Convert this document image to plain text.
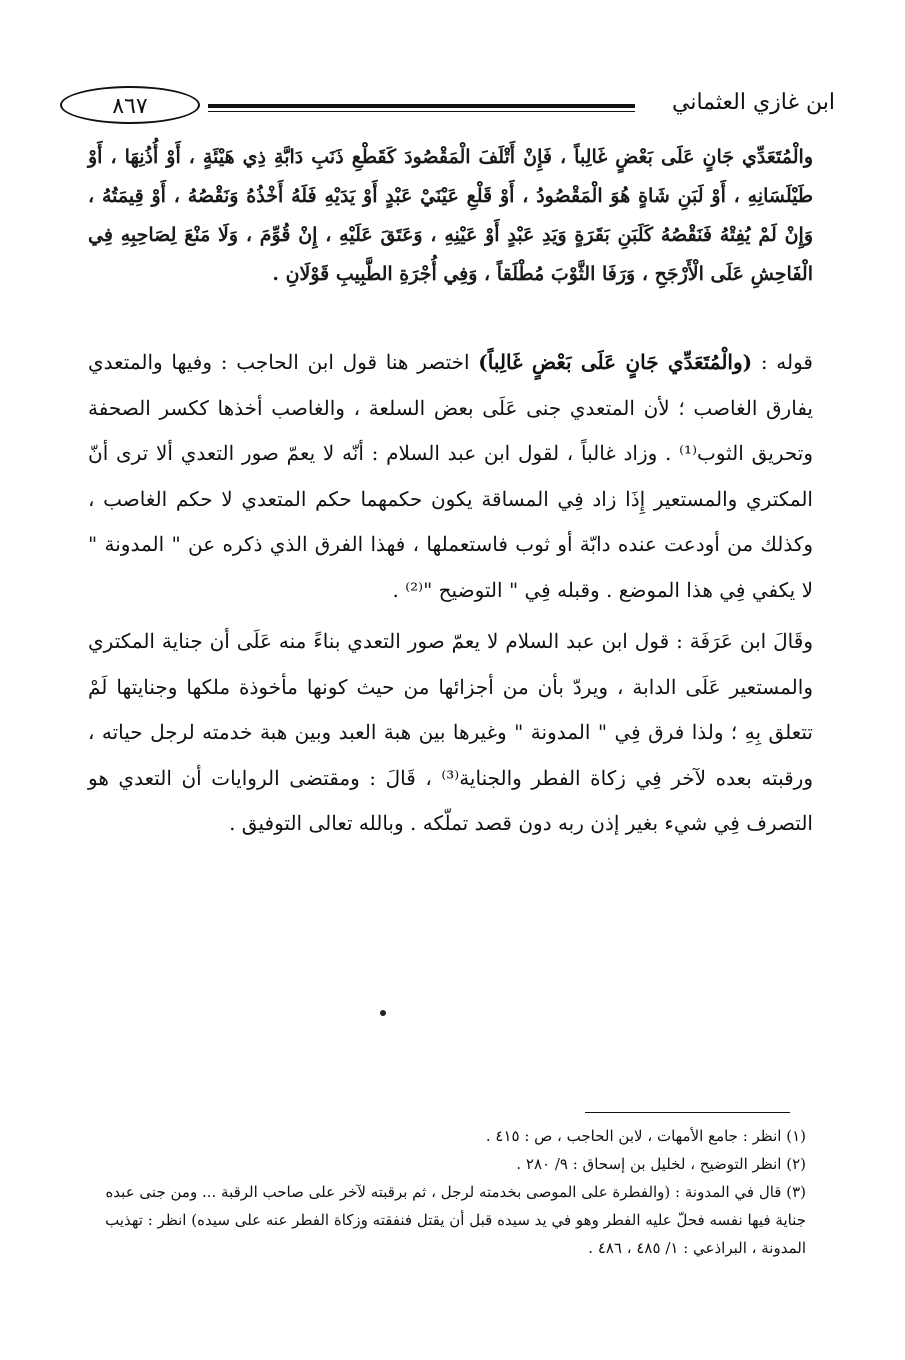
ابن غازي العثماني
٨٦٧

والْمُتَعَدِّي جَانٍ عَلَى بَعْضٍ غَالِباً ، فَإِنْ أَتْلَفَ الْمَقْصُودَ كَقَطْعِ ذَنَبِ دَابَّةِ ذِي هَيْئَةٍ ، أَوْ أُذُنِهَا ، أَوْ طَيْلَسَانِهِ ، أَوْ لَبَنِ شَاةٍ هُوَ الْمَقْصُودُ ، أَوْ قَلْعِ عَيْنَيْ عَبْدٍ أَوْ يَدَيْهِ فَلَهُ أَخْذُهُ وَنَقْصُهُ ، أَوْ قِيمَتُهُ ، وَإِنْ لَمْ يُفِتْهُ فَنَقْصُهُ كَلَبَنِ بَقَرَةٍ وَيَدِ عَبْدٍ أَوْ عَيْنِهِ ، وَعَتَقَ عَلَيْهِ ، إِنْ قُوِّمَ ، وَلَا مَنْعَ لِصَاحِبِهِ فِي الْفَاحِشِ عَلَى الْأَرْجَحِ ، وَرَفَا الثَّوْبَ مُطْلَقاً ، وَفِي أُجْرَةِ الطَّبِيبِ قَوْلَانِ .

قوله : (والْمُتَعَدِّي جَانٍ عَلَى بَعْضٍ غَالِباً) اختصر هنا قول ابن الحاجب : وفيها والمتعدي يفارق الغاصب ؛ لأن المتعدي جنى عَلَى بعض السلعة ، والغاصب أخذها ككسر الصحفة وتحريق الثوب⁽¹⁾ . وزاد غالباً ، لقول ابن عبد السلام : أنّه لا يعمّ صور التعدي ألا ترى أنّ المكتري والمستعير إِذَا زاد فِي المساقة يكون حكمهما حكم المتعدي لا حكم الغاصب ، وكذلك من أودعت عنده دابّة أو ثوب فاستعملها ، فهذا الفرق الذي ذكره عن " المدونة " لا يكفي فِي هذا الموضع . وقبله فِي " التوضيح "⁽²⁾ .

وقَالَ ابن عَرَفَة : قول ابن عبد السلام لا يعمّ صور التعدي بناءً منه عَلَى أن جناية المكتري والمستعير عَلَى الدابة ، ويردّ بأن من أجزائها من حيث كونها مأخوذة ملكها وجنايتها لَمْ تتعلق بِهِ ؛ ولذا فرق فِي " المدونة " وغيرها بين هبة العبد وبين هبة خدمته لرجل حياته ، ورقبته بعده لآخر فِي زكاة الفطر والجناية⁽³⁾ ، قَالَ : ومقتضى الروايات أن التعدي هو التصرف فِي شيء بغير إذن ربه دون قصد تملّكه . وبالله تعالى التوفيق .

(١) انظر : جامع الأمهات ، لابن الحاجب ، ص : ٤١٥ .

(٢) انظر التوضيح ، لخليل بن إسحاق : ٩/ ٢٨٠ .

(٣) قال في المدونة : (والفطرة على الموصى بخدمته لرجل ، ثم برقبته لآخر على صاحب الرقبة ... ومن جنى عبده جناية فيها نفسه فحلّ عليه الفطر وهو في يد سيده قبل أن يقتل فنفقته وزكاة الفطر عنه على سيده) انظر : تهذيب المدونة ، البراذعي : ١/ ٤٨٥ ، ٤٨٦ .
